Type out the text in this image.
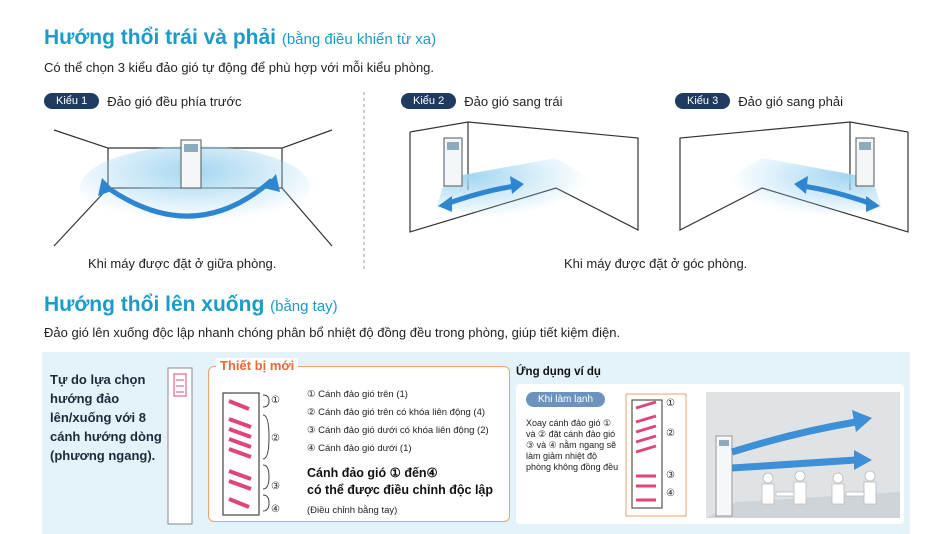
Hướng thổi trái và phải (bằng điều khiển từ xa)
Có thể chọn 3 kiểu đảo gió tự động để phù hợp với mỗi kiểu phòng.
Kiểu 1	Đảo gió đều phía trước	Kiểu 2	Đảo gió sang trái	Kiểu 3	Đảo gió sang phải
Khi máy được đặt ở giữa phòng.	Khi máy được đặt ở góc phòng.
Hướng thổi lên xuống (bằng tay)
Đảo gió lên xuống độc lập nhanh chóng phân bổ nhiệt độ đồng đều trong phòng, giúp tiết kiệm điện.
Tự do lựa chọn hướng đảo lên/xuống với 8 cánh hướng dòng (phương ngang).
①
②
③
④
① Cánh đảo gió trên (1)
② Cánh đảo gió trên có khóa liên động (4)
③ Cánh đảo gió dưới có khóa liên động (2)
④ Cánh đảo gió dưới (1)
Cánh đảo gió ① đến④
có thể được điều chỉnh độc lập
(Điều chỉnh bằng tay)
Thiết bị mới	Ứng dụng ví dụ
Khi làm lạnh
Xoay cánh đảo gió ① và ② đặt cánh đảo gió ③ và ④ nằm ngang sẽ làm giảm nhiệt độ phòng không đồng đều
①
②
③
④
